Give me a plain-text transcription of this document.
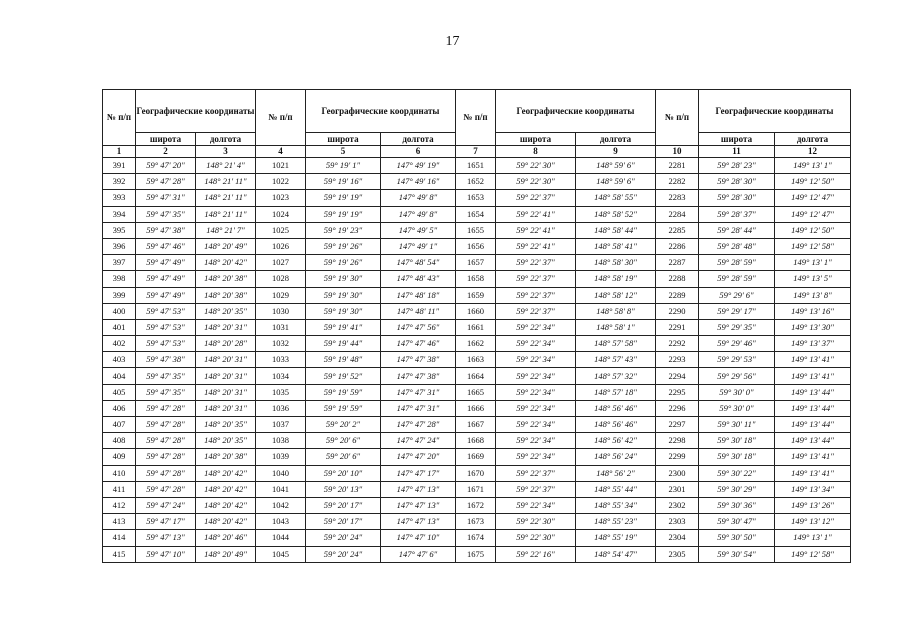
17
№ п/п	Географические координаты		№ п/п	Географические координаты		№ п/п	Географические координаты		№ п/п	Географические координаты	
	широта	долгота		широта	долгота		широта	долгота		широта	долгота
1	2	3	4	5	6	7	8	9	10	11	12
391	59° 47' 20"	148° 21' 4"	1021	59° 19' 1"	147° 49' 19"	1651	59° 22' 30"	148° 59' 6"	2281	59° 28' 23"	149° 13' 1"
392	59° 47' 28"	148° 21' 11"	1022	59° 19' 16"	147° 49' 16"	1652	59° 22' 30"	148° 59' 6"	2282	59° 28' 30"	149° 12' 50"
393	59° 47' 31"	148° 21' 11"	1023	59° 19' 19"	147° 49' 8"	1653	59° 22' 37"	148° 58' 55"	2283	59° 28' 30"	149° 12' 47"
394	59° 47' 35"	148° 21' 11"	1024	59° 19' 19"	147° 49' 8"	1654	59° 22' 41"	148° 58' 52"	2284	59° 28' 37"	149° 12' 47"
395	59° 47' 38"	148° 21' 7"	1025	59° 19' 23"	147° 49' 5"	1655	59° 22' 41"	148° 58' 44"	2285	59° 28' 44"	149° 12' 50"
396	59° 47' 46"	148° 20' 49"	1026	59° 19' 26"	147° 49' 1"	1656	59° 22' 41"	148° 58' 41"	2286	59° 28' 48"	149° 12' 58"
397	59° 47' 49"	148° 20' 42"	1027	59° 19' 26"	147° 48' 54"	1657	59° 22' 37"	148° 58' 30"	2287	59° 28' 59"	149° 13' 1"
398	59° 47' 49"	148° 20' 38"	1028	59° 19' 30"	147° 48' 43"	1658	59° 22' 37"	148° 58' 19"	2288	59° 28' 59"	149° 13' 5"
399	59° 47' 49"	148° 20' 38"	1029	59° 19' 30"	147° 48' 18"	1659	59° 22' 37"	148° 58' 12"	2289	59° 29' 6"	149° 13' 8"
400	59° 47' 53"	148° 20' 35"	1030	59° 19' 30"	147° 48' 11"	1660	59° 22' 37"	148° 58' 8"	2290	59° 29' 17"	149° 13' 16"
401	59° 47' 53"	148° 20' 31"	1031	59° 19' 41"	147° 47' 56"	1661	59° 22' 34"	148° 58' 1"	2291	59° 29' 35"	149° 13' 30"
402	59° 47' 53"	148° 20' 28"	1032	59° 19' 44"	147° 47' 46"	1662	59° 22' 34"	148° 57' 58"	2292	59° 29' 46"	149° 13' 37"
403	59° 47' 38"	148° 20' 31"	1033	59° 19' 48"	147° 47' 38"	1663	59° 22' 34"	148° 57' 43"	2293	59° 29' 53"	149° 13' 41"
404	59° 47' 35"	148° 20' 31"	1034	59° 19' 52"	147° 47' 38"	1664	59° 22' 34"	148° 57' 32"	2294	59° 29' 56"	149° 13' 41"
405	59° 47' 35"	148° 20' 31"	1035	59° 19' 59"	147° 47' 31"	1665	59° 22' 34"	148° 57' 18"	2295	59° 30' 0"	149° 13' 44"
406	59° 47' 28"	148° 20' 31"	1036	59° 19' 59"	147° 47' 31"	1666	59° 22' 34"	148° 56' 46"	2296	59° 30' 0"	149° 13' 44"
407	59° 47' 28"	148° 20' 35"	1037	59° 20' 2"	147° 47' 28"	1667	59° 22' 34"	148° 56' 46"	2297	59° 30' 11"	149° 13' 44"
408	59° 47' 28"	148° 20' 35"	1038	59° 20' 6"	147° 47' 24"	1668	59° 22' 34"	148° 56' 42"	2298	59° 30' 18"	149° 13' 44"
409	59° 47' 28"	148° 20' 38"	1039	59° 20' 6"	147° 47' 20"	1669	59° 22' 34"	148° 56' 24"	2299	59° 30' 18"	149° 13' 41"
410	59° 47' 28"	148° 20' 42"	1040	59° 20' 10"	147° 47' 17"	1670	59° 22' 37"	148° 56' 2"	2300	59° 30' 22"	149° 13' 41"
411	59° 47' 28"	148° 20' 42"	1041	59° 20' 13"	147° 47' 13"	1671	59° 22' 37"	148° 55' 44"	2301	59° 30' 29"	149° 13' 34"
412	59° 47' 24"	148° 20' 42"	1042	59° 20' 17"	147° 47' 13"	1672	59° 22' 34"	148° 55' 34"	2302	59° 30' 36"	149° 13' 26"
413	59° 47' 17"	148° 20' 42"	1043	59° 20' 17"	147° 47' 13"	1673	59° 22' 30"	148° 55' 23"	2303	59° 30' 47"	149° 13' 12"
414	59° 47' 13"	148° 20' 46"	1044	59° 20' 24"	147° 47' 10"	1674	59° 22' 30"	148° 55' 19"	2304	59° 30' 50"	149° 13' 1"
415	59° 47' 10"	148° 20' 49"	1045	59° 20' 24"	147° 47' 6"	1675	59° 22' 16"	148° 54' 47"	2305	59° 30' 54"	149° 12' 58"
